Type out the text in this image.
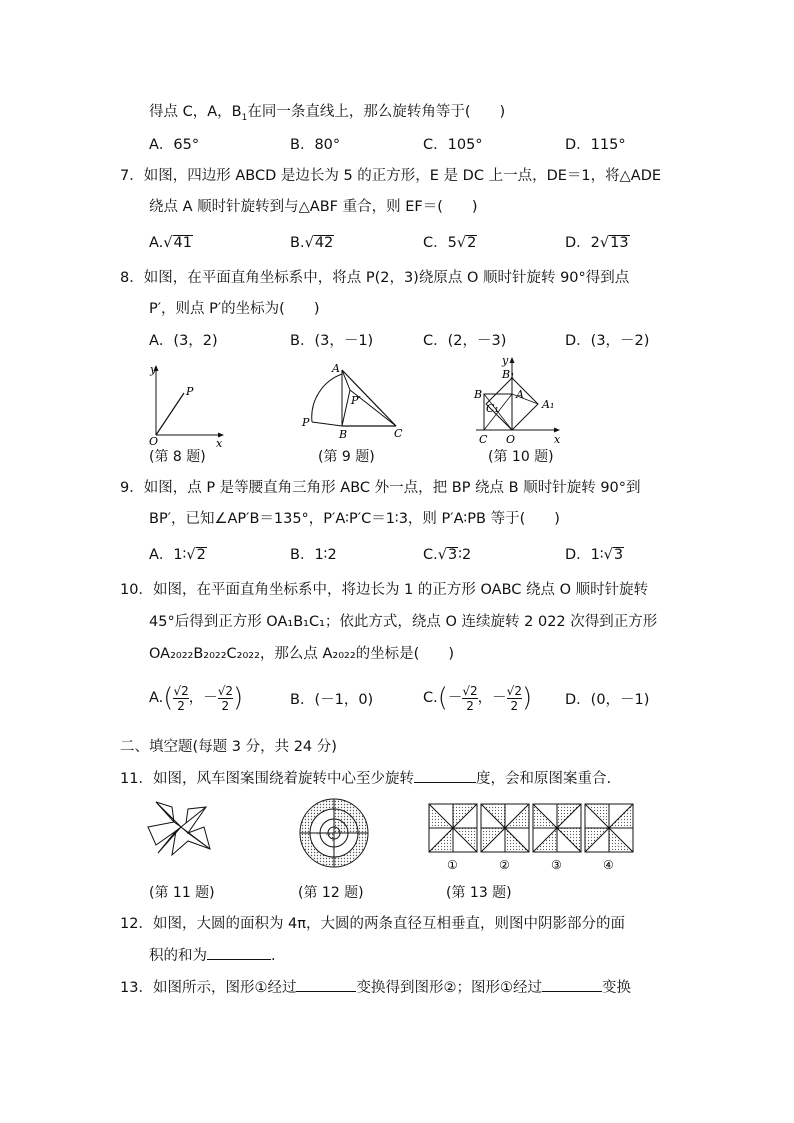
得点 C，A，$B_1$在同一条直线上，那么旋转角等于(　　)
A．65°	B．80°	C．105°	D．115°
7．如图，四边形 ABCD 是边长为 5 的正方形，E 是 DC 上一点，DE＝1，将△ADE
绕点 A 顺时针旋转到与△ABF 重合，则 EF＝(　　)
A.√41	B.√42	C．5√2	D．2√13
8．如图，在平面直角坐标系中，将点 P(2，3)绕原点 O 顺时针旋转 90°得到点
P′，则点 P′的坐标为(　　)
A．(3，2)	B．(3，－1)	C．(2，－3)	D．(3，－2)
y
P
O	x
A
P′
P
B	C
y
B	A
C O	x
B₁
C₁	A₁
(第 8 题)	(第 9 题)	(第 10 题)
9．如图，点 P 是等腰直角三角形 ABC 外一点，把 BP 绕点 B 顺时针旋转 90°到
BP′，已知∠AP′B＝135°，P′A∶P′C＝1∶3，则 P′A∶PB 等于(　　)
A．1∶√2	B．1∶2	C.√3∶2	D．1∶√3
10．如图，在平面直角坐标系中，将边长为 1 的正方形 OABC 绕点 O 顺时针旋转
45°后得到正方形 OA₁B₁C₁；依此方式，绕点 O 连续旋转 2 022 次得到正方形
OA₂₀₂₂B₂₀₂₂C₂₀₂₂，那么点 A₂₀₂₂的坐标是(　　)
$A.( \frac{√2}{2}$ ，－ $\frac{√2}{2}$ )	B．(－1，0)	$C.(- \frac{√2}{2}$ ，－ $\frac{√2}{2}$ ) D．(0，－1)
二、填空题(每题 3 分，共 24 分)
11．如图，风车图案围绕着旋转中心至少旋转	度，会和原图案重合.
①	②	③	④
(第 11 题)	(第 12 题)	(第 13 题)
12．如图，大圆的面积为 4π，大圆的两条直径互相垂直，则图中阴影部分的面
积的和为	.
13．如图所示，图形①经过	变换得到图形②；图形①经过	变换
